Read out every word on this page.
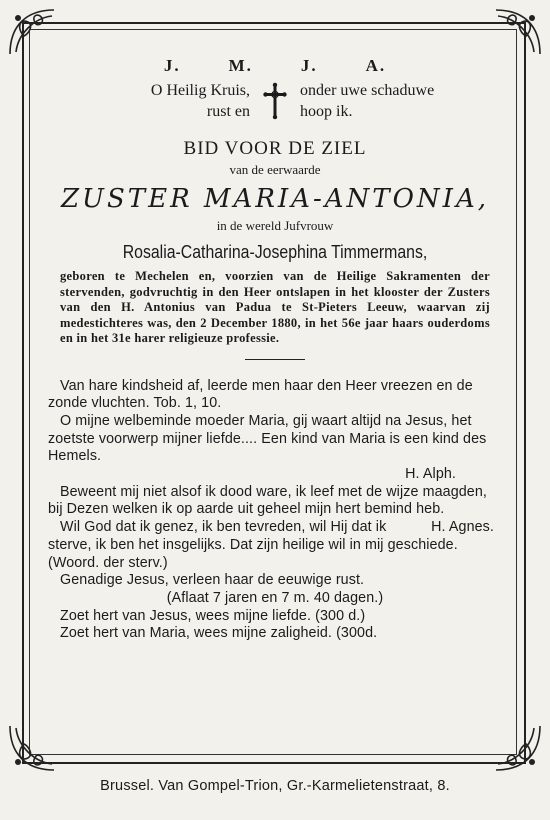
J.	M.	J.	A.
O Heilig Kruis,
rust en
onder uwe schaduwe
hoop ik.
BID VOOR DE ZIEL
van de eerwaarde
ZUSTER MARIA-ANTONIA,
in de wereld Jufvrouw
Rosalia-Catharina-Josephina Timmermans,

geboren te Mechelen en, voorzien van de Heilige Sakramenten der stervenden, godvruchtig in den Heer ontslapen in het klooster der Zusters van den H. Antonius van Padua te St-Pieters Leeuw, waarvan zij medestichteres was, den 2 December 1880, in het 56e jaar haars ouderdoms en in het 31e harer religieuze professie.

Van hare kindsheid af, leerde men haar den Heer vreezen en de zonde vluchten. Tob. 1, 10.

O mijne welbeminde moeder Maria, gij waart altijd na Jesus, het zoetste voorwerp mijner liefde.... Een kind van Maria is een kind des Hemels.

H. Alph.

Beweent mij niet alsof ik dood ware, ik leef met de wijze maagden, bij Dezen welken ik op aarde uit geheel mijn hert bemind heb.
H. Agnes.

Wil God dat ik genez, ik ben tevreden, wil Hij dat ik sterve, ik ben het insgelijks. Dat zijn heilige wil in mij geschiede. (Woord. der sterv.)

Genadige Jesus, verleen haar de eeuwige rust.

(Aflaat 7 jaren en 7 m. 40 dagen.)

Zoet hert van Jesus, wees mijne liefde. (300 d.)

Zoet hert van Maria, wees mijne zaligheid. (300d.

Brussel. Van Gompel-Trion, Gr.-Karmelietenstraat, 8.
